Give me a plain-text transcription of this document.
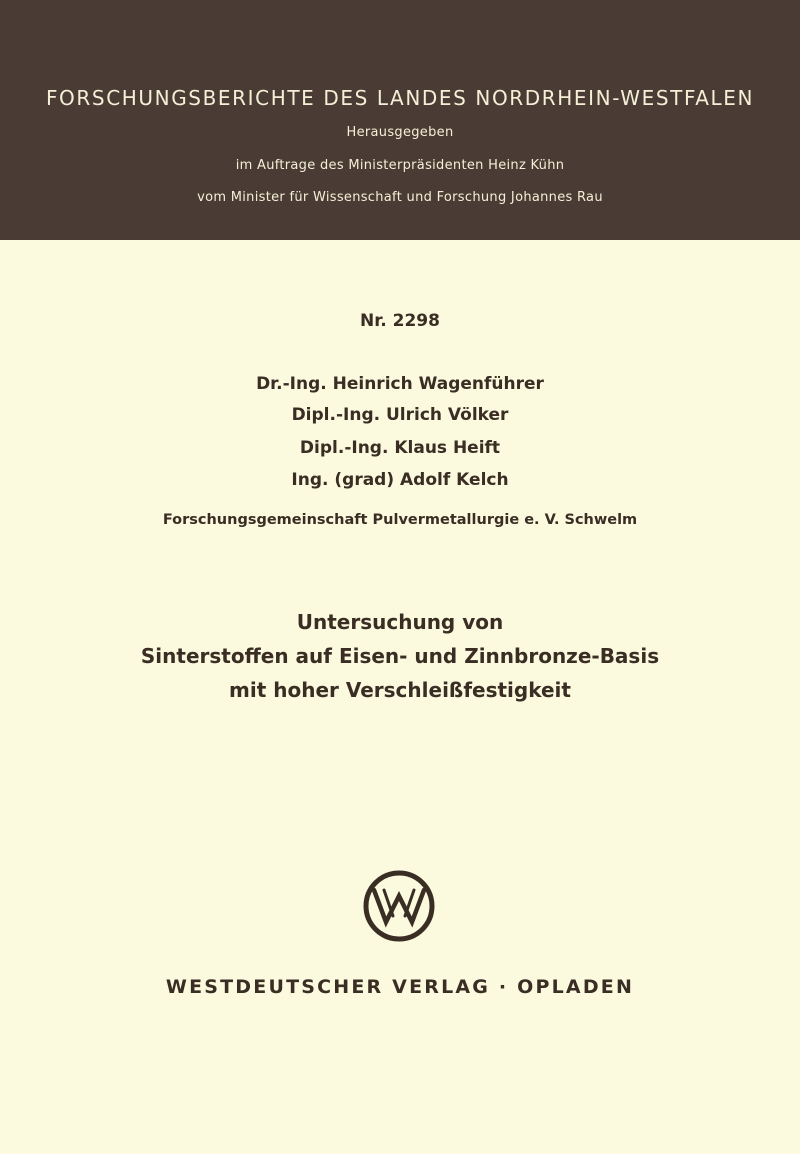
FORSCHUNGSBERICHTE DES LANDES NORDRHEIN-WESTFALEN
Herausgegeben
im Auftrage des Ministerpräsidenten Heinz Kühn
vom Minister für Wissenschaft und Forschung Johannes Rau
Nr. 2298
Dr.-Ing. Heinrich Wagenführer
Dipl.-Ing. Ulrich Völker
Dipl.-Ing. Klaus Heift
Ing. (grad) Adolf Kelch
Forschungsgemeinschaft Pulvermetallurgie e. V. Schwelm
Untersuchung von
Sinterstoffen auf Eisen- und Zinnbronze-Basis
mit hoher Verschleißfestigkeit
WESTDEUTSCHER VERLAG · OPLADEN
